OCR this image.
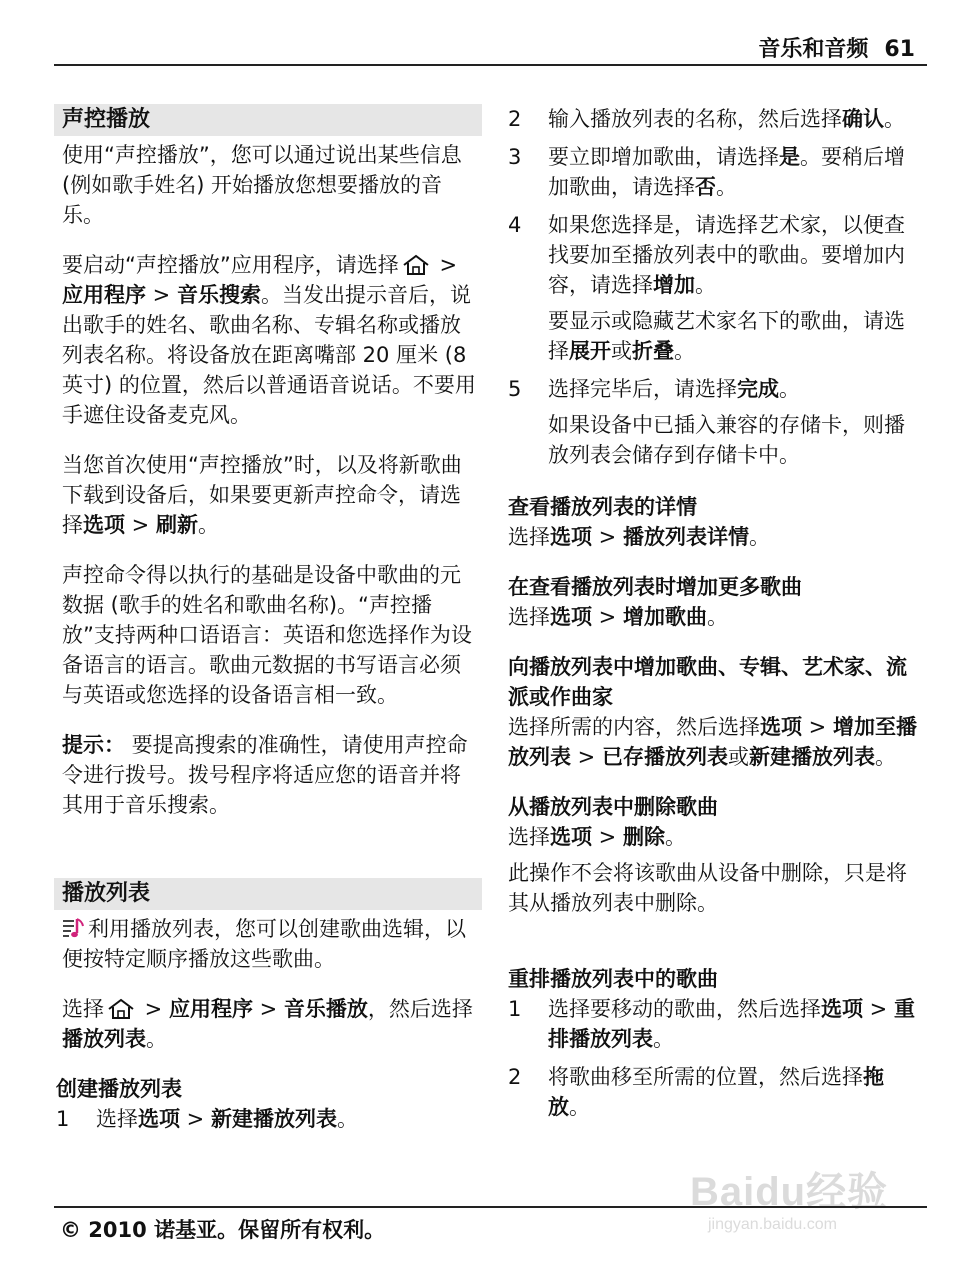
音乐和音频 61
声控播放

使用“声控播放”，您可以通过说出某些信息 (例如歌手姓名) 开始播放您想要播放的音乐。

要启动“声控播放”应用程序，请选择 > 应用程序 > 音乐搜索。当发出提示音后，说出歌手的姓名、歌曲名称、专辑名称或播放列表名称。将设备放在距离嘴部 20 厘米 (8 英寸) 的位置，然后以普通语音说话。不要用手遮住设备麦克风。

当您首次使用“声控播放”时，以及将新歌曲下载到设备后，如果要更新声控命令，请选择选项 > 刷新。

声控命令得以执行的基础是设备中歌曲的元数据 (歌手的姓名和歌曲名称)。“声控播放”支持两种口语语言：英语和您选择作为设备语言的语言。歌曲元数据的书写语言必须与英语或您选择的设备语言相一致。

提示： 要提高搜索的准确性，请使用声控命令进行拨号。拨号程序将适应您的语音并将其用于音乐搜索。

播放列表

利用播放列表，您可以创建歌曲选辑，以便按特定顺序播放这些歌曲。

选择 > 应用程序 > 音乐播放，然后选择播放列表。

创建播放列表
1 选择选项 > 新建播放列表。
2 输入播放列表的名称，然后选择确认。
3 要立即增加歌曲，请选择是。要稍后增加歌曲，请选择否。
4 如果您选择是，请选择艺术家，以便查找要加至播放列表中的歌曲。要增加内容，请选择增加。
要显示或隐藏艺术家名下的歌曲，请选择展开或折叠。
5 选择完毕后，请选择完成。
如果设备中已插入兼容的存储卡，则播放列表会储存到存储卡中。
查看播放列表的详情

选择选项 > 播放列表详情。

在查看播放列表时增加更多歌曲

选择选项 > 增加歌曲。

向播放列表中增加歌曲、专辑、艺术家、流派或作曲家

选择所需的内容，然后选择选项 > 增加至播放列表 > 已存播放列表或新建播放列表。

从播放列表中删除歌曲

选择选项 > 删除。

此操作不会将该歌曲从设备中删除，只是将其从播放列表中删除。

重排播放列表中的歌曲
1 选择要移动的歌曲，然后选择选项 > 重排播放列表。
2 将歌曲移至所需的位置，然后选择拖放。
Baidu经验
jingyan.baidu.com
© 2010 诺基亚。保留所有权利。
